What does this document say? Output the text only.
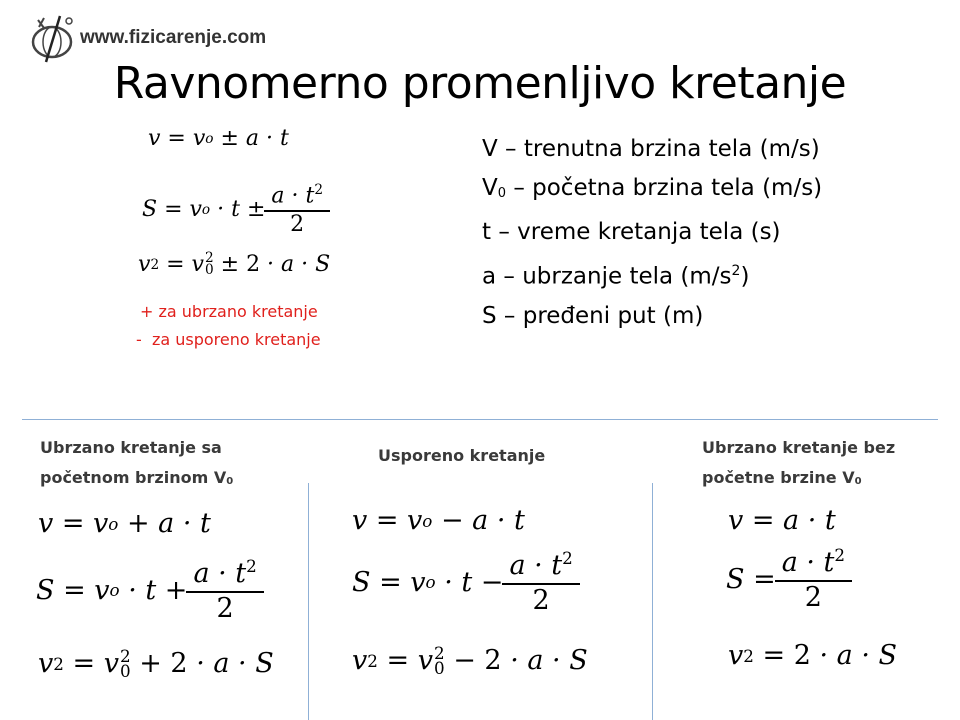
www.fizicarenje.com
Ravnomerno promenljivo kretanje
v = v o ± a · t
S = v $o \cdot t \pm \frac{a \cdot t^2}{2}$
v 2 = v 2
0 ± 2 · a · S
+ za ubrzano kretanje
-  za usporeno kretanje
V – trenutna brzina tela (m/s)
V0 – početna brzina tela (m/s)
t – vreme kretanja tela (s)
a – ubrzanje tela $(m/s^2)$
S – pređeni put (m)
Ubrzano kretanje sa
početnom brzinom V0
Usporeno kretanje	Ubrzano kretanje bez
početne brzine V0
v = v o + a · t
S = v $o \cdot t + \frac{a \cdot t^2}{2}$
v 2 = v 2
0 + 2 · a · S
v = v o − a · t
S = v $o \cdot t - \frac{a \cdot t^2}{2}$
v 2 = v 2
0 − 2 · a · S
v = a · t
$S = \frac{a \cdot t^2}{2}$
v 2 = 2 · a · S
